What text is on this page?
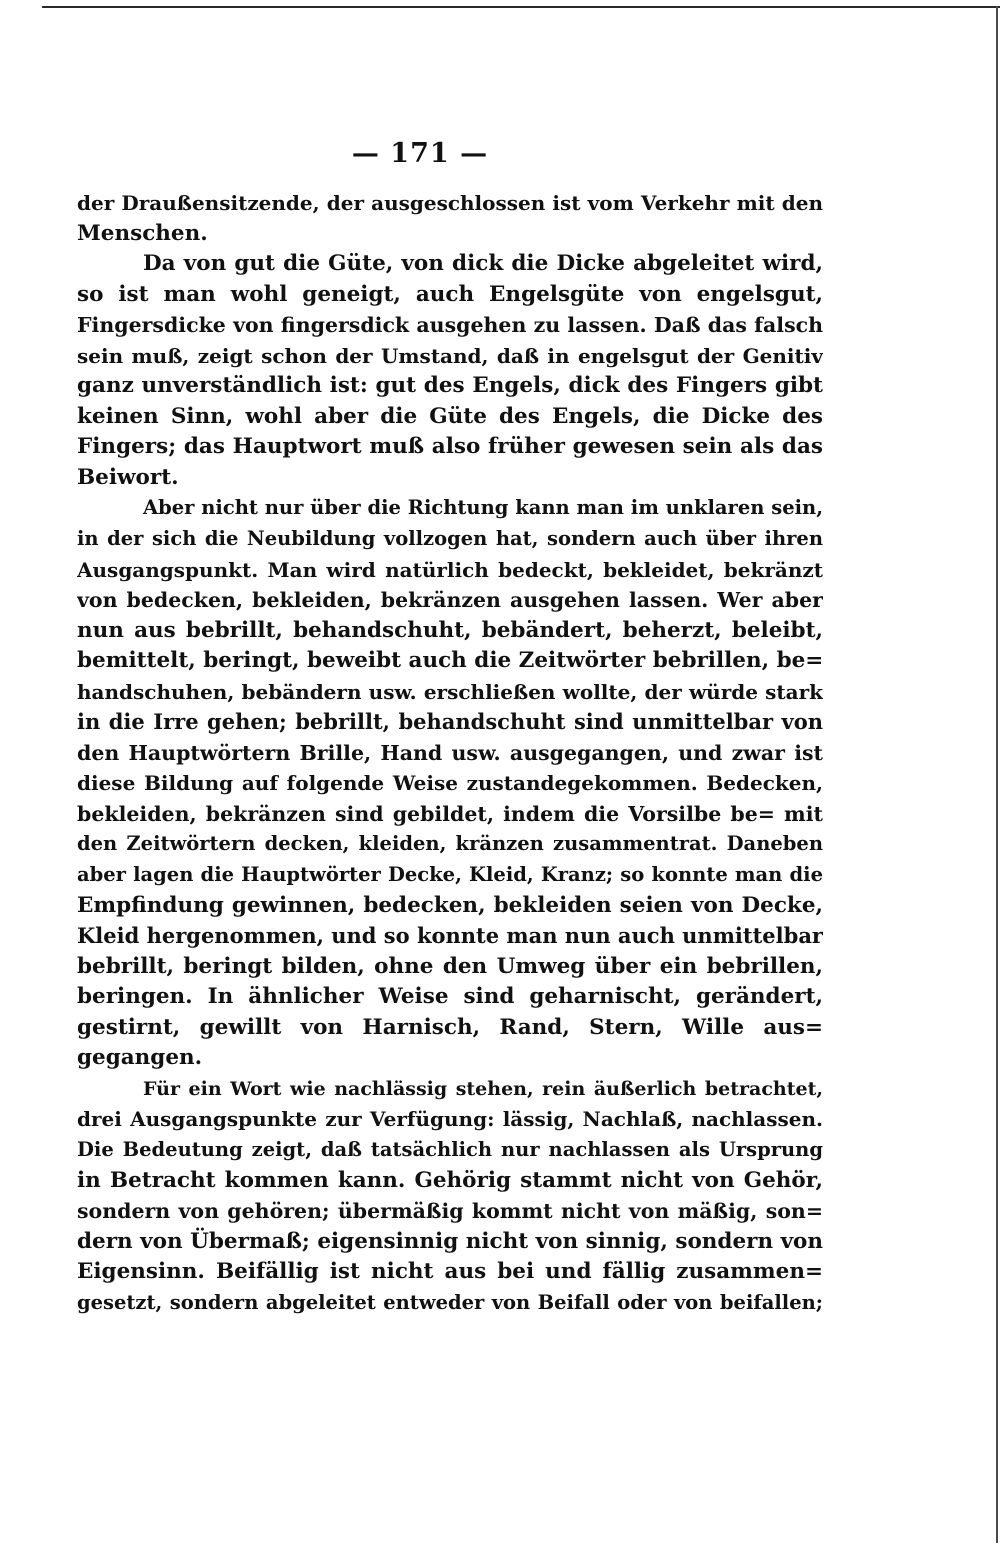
— 171 —
der Draußensitzende, der ausgeschlossen ist vom Verkehr mit den
Menschen.
Da von gut die Güte, von dick die Dicke abgeleitet wird,
so ist man wohl geneigt, auch Engelsgüte von engelsgut,
Fingersdicke von fingersdick ausgehen zu lassen. Daß das falsch
sein muß, zeigt schon der Umstand, daß in engelsgut der Genitiv
ganz unverständlich ist: gut des Engels, dick des Fingers gibt
keinen Sinn, wohl aber die Güte des Engels, die Dicke des
Fingers; das Hauptwort muß also früher gewesen sein als das
Beiwort.
Aber nicht nur über die Richtung kann man im unklaren sein,
in der sich die Neubildung vollzogen hat, sondern auch über ihren
Ausgangspunkt. Man wird natürlich bedeckt, bekleidet, bekränzt
von bedecken, bekleiden, bekränzen ausgehen lassen. Wer aber
nun aus bebrillt, behandschuht, bebändert, beherzt, beleibt,
bemittelt, beringt, beweibt auch die Zeitwörter bebrillen, be=
handschuhen, bebändern usw. erschließen wollte, der würde stark
in die Irre gehen; bebrillt, behandschuht sind unmittelbar von
den Hauptwörtern Brille, Hand usw. ausgegangen, und zwar ist
diese Bildung auf folgende Weise zustandegekommen. Bedecken,
bekleiden, bekränzen sind gebildet, indem die Vorsilbe be= mit
den Zeitwörtern decken, kleiden, kränzen zusammentrat. Daneben
aber lagen die Hauptwörter Decke, Kleid, Kranz; so konnte man die
Empfindung gewinnen, bedecken, bekleiden seien von Decke,
Kleid hergenommen, und so konnte man nun auch unmittelbar
bebrillt, beringt bilden, ohne den Umweg über ein bebrillen,
beringen. In ähnlicher Weise sind geharnischt, gerändert,
gestirnt, gewillt von Harnisch, Rand, Stern, Wille aus=
gegangen.
Für ein Wort wie nachlässig stehen, rein äußerlich betrachtet,
drei Ausgangspunkte zur Verfügung: lässig, Nachlaß, nachlassen.
Die Bedeutung zeigt, daß tatsächlich nur nachlassen als Ursprung
in Betracht kommen kann. Gehörig stammt nicht von Gehör,
sondern von gehören; übermäßig kommt nicht von mäßig, son=
dern von Übermaß; eigensinnig nicht von sinnig, sondern von
Eigensinn. Beifällig ist nicht aus bei und fällig zusammen=
gesetzt, sondern abgeleitet entweder von Beifall oder von beifallen;
